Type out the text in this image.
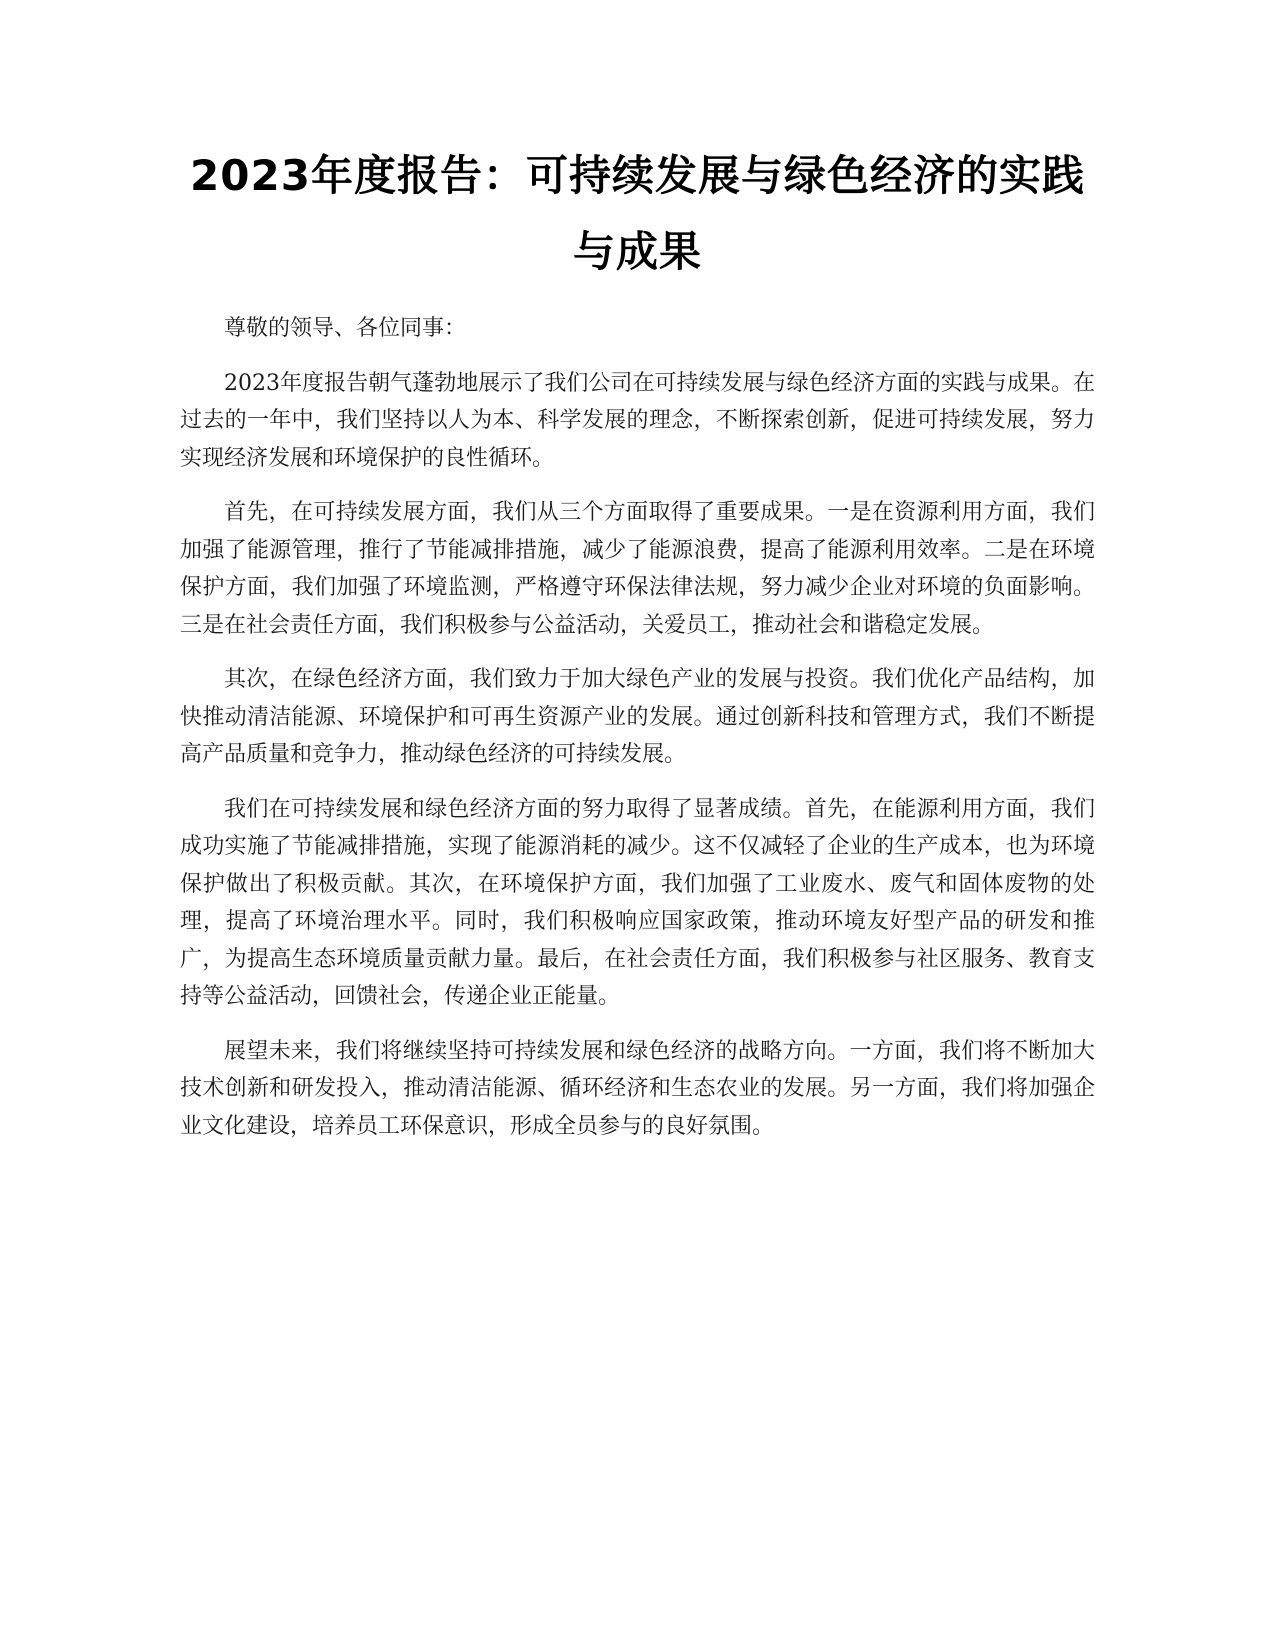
2023年度报告：可持续发展与绿色经济的实践与成果

尊敬的领导、各位同事：

2023年度报告朝气蓬勃地展示了我们公司在可持续发展与绿色经济方面的实践与成果。在过去的一年中，我们坚持以人为本、科学发展的理念，不断探索创新，促进可持续发展，努力实现经济发展和环境保护的良性循环。

首先，在可持续发展方面，我们从三个方面取得了重要成果。一是在资源利用方面，我们加强了能源管理，推行了节能减排措施，减少了能源浪费，提高了能源利用效率。二是在环境保护方面，我们加强了环境监测，严格遵守环保法律法规，努力减少企业对环境的负面影响。三是在社会责任方面，我们积极参与公益活动，关爱员工，推动社会和谐稳定发展。

其次，在绿色经济方面，我们致力于加大绿色产业的发展与投资。我们优化产品结构，加快推动清洁能源、环境保护和可再生资源产业的发展。通过创新科技和管理方式，我们不断提高产品质量和竞争力，推动绿色经济的可持续发展。

我们在可持续发展和绿色经济方面的努力取得了显著成绩。首先，在能源利用方面，我们成功实施了节能减排措施，实现了能源消耗的减少。这不仅减轻了企业的生产成本，也为环境保护做出了积极贡献。其次，在环境保护方面，我们加强了工业废水、废气和固体废物的处理，提高了环境治理水平。同时，我们积极响应国家政策，推动环境友好型产品的研发和推广，为提高生态环境质量贡献力量。最后，在社会责任方面，我们积极参与社区服务、教育支持等公益活动，回馈社会，传递企业正能量。

展望未来，我们将继续坚持可持续发展和绿色经济的战略方向。一方面，我们将不断加大技术创新和研发投入，推动清洁能源、循环经济和生态农业的发展。另一方面，我们将加强企业文化建设，培养员工环保意识，形成全员参与的良好氛围。
